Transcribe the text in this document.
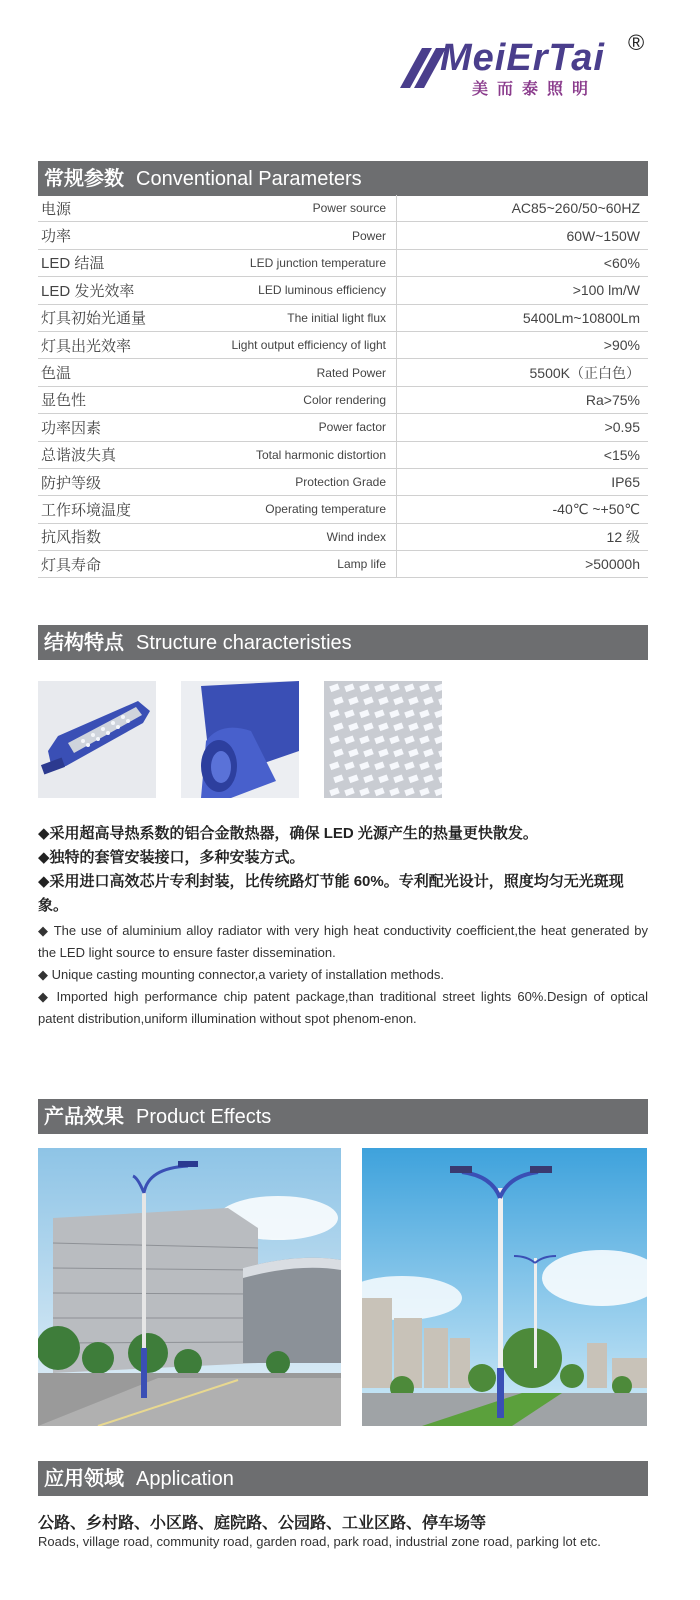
MeiErTai
美而泰照明
®
常规参数 Conventional Parameters
电源	Power source	AC85~260/50~60HZ
功率	Power	60W~150W
LED 结温	LED junction temperature	<60%
LED 发光效率	LED luminous efficiency	>100 lm/W
灯具初始光通量	The initial light flux	5400Lm~10800Lm
灯具出光效率	Light output efficiency of light	>90%
色温	Rated Power	5500K（正白色）
显色性	Color rendering	Ra>75%
功率因素	Power factor	>0.95
总谐波失真	Total harmonic distortion	<15%
防护等级	Protection Grade	IP65
工作环境温度	Operating temperature	-40℃ ~+50℃
抗风指数	Wind index	12 级
灯具寿命	Lamp life	>50000h
结构特点 Structure characteristies
◆采用超高导热系数的铝合金散热器，确保 LED 光源产生的热量更快散发。
◆独特的套管安装接口，多种安装方式。
◆采用进口高效芯片专利封装，比传统路灯节能 60%。专利配光设计，照度均匀无光斑现象。
◆ The use of aluminium alloy radiator with very high heat conductivity coefficient,the heat generated by the LED light source to ensure faster dissemination.
◆ Unique casting mounting connector,a variety of installation methods.
◆ Imported high performance chip patent package,than traditional street lights 60%.Design of optical patent distribution,uniform illumination without spot phenom-enon.
产品效果 Product Effects
应用领域 Application
公路、乡村路、小区路、庭院路、公园路、工业区路、停车场等
Roads, village road, community road, garden road, park road, industrial zone road, parking lot etc.
